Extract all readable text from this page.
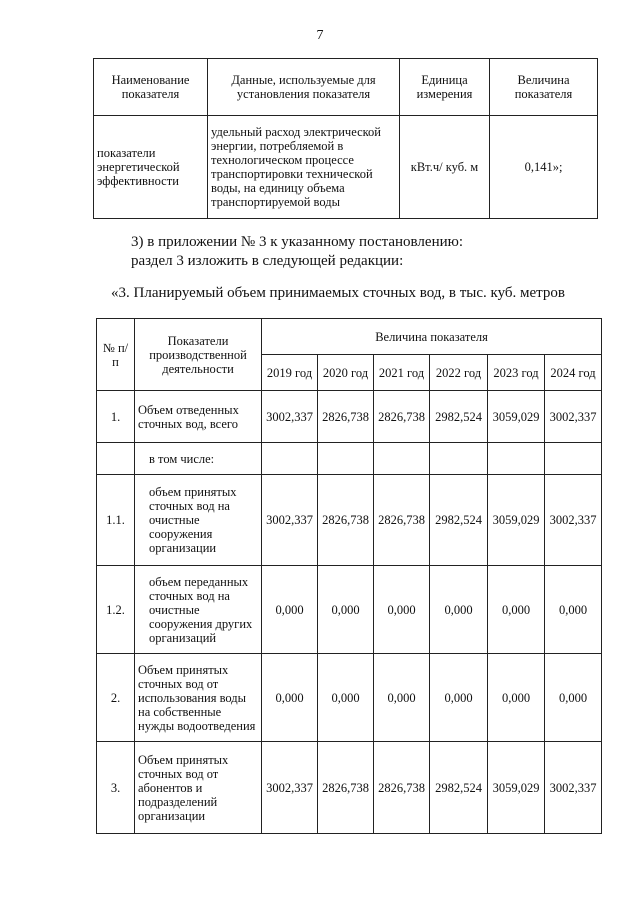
7
Наименование показателя	Данные, используемые для установления показателя	Единица измерения	Величина показателя
показатели энергетической эффективности	удельный расход электрической энергии, потребляемой в технологическом процессе транспортировки технической воды, на единицу объема транспортируемой воды	кВт.ч/ куб. м	0,141»;
3) в приложении № 3 к указанному постановлению:
раздел 3 изложить в следующей редакции:
«3. Планируемый объем принимаемых сточных вод, в тыс. куб. метров
№ п/п	Показатели производственной деятельности	Величина показателя					
		2019 год	2020 год	2021 год	2022 год	2023 год	2024 год
1.	Объем отведенных сточных вод, всего	3002,337	2826,738	2826,738	2982,524	3059,029	3002,337
	в том числе:						
1.1.	объем принятых сточных вод на очистные сооружения организации	3002,337	2826,738	2826,738	2982,524	3059,029	3002,337
1.2.	объем переданных сточных вод на очистные сооружения других организаций	0,000	0,000	0,000	0,000	0,000	0,000
2.	Объем принятых сточных вод от использования воды на собственные нужды водоотведения	0,000	0,000	0,000	0,000	0,000	0,000
3.	Объем принятых сточных вод от абонентов и подразделений организации	3002,337	2826,738	2826,738	2982,524	3059,029	3002,337
